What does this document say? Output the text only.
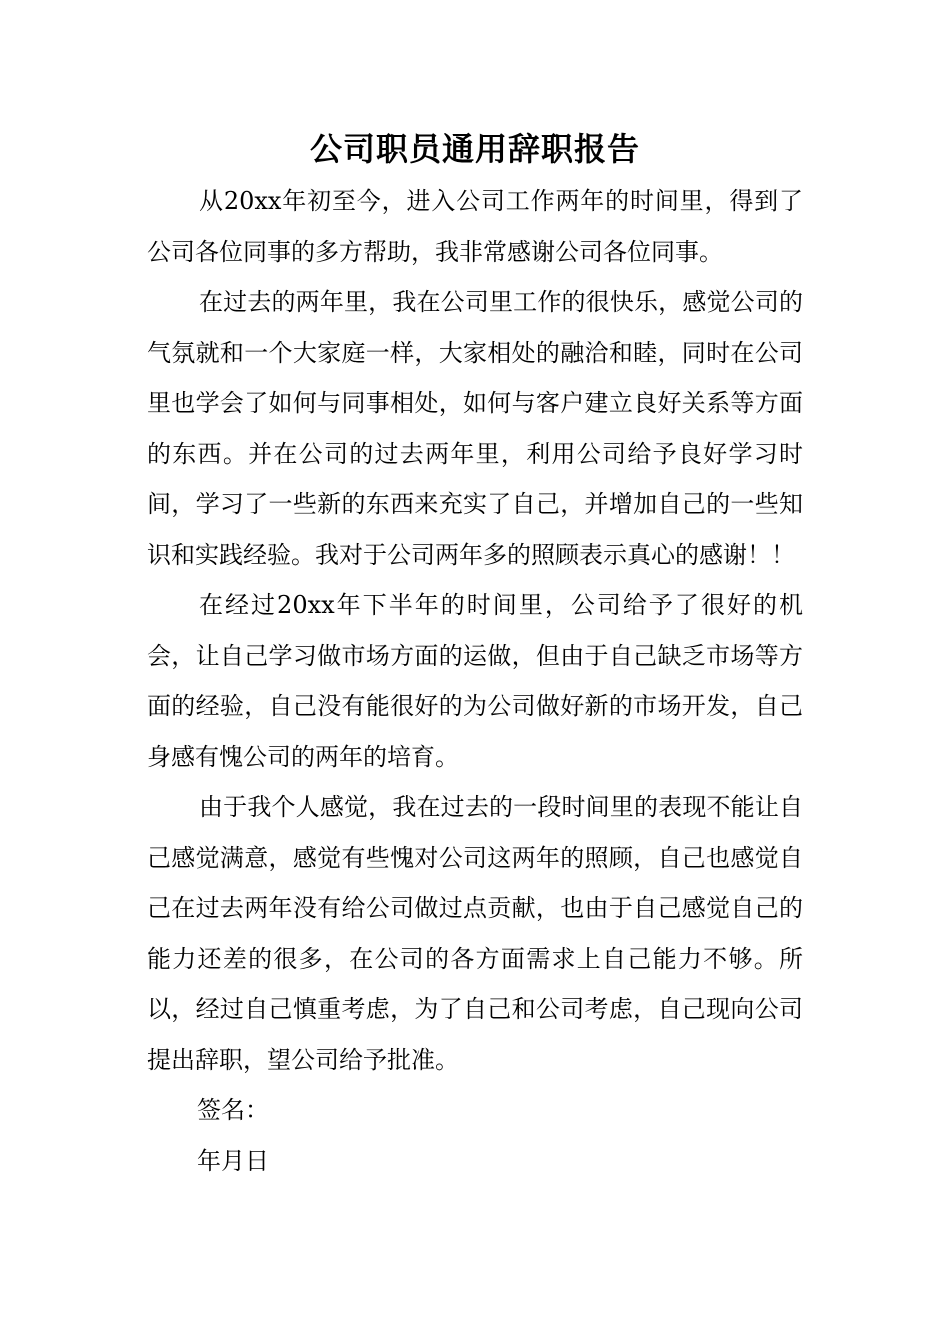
公司职员通用辞职报告

从20xx年初至今，进入公司工作两年的时间里，得到了公司各位同事的多方帮助，我非常感谢公司各位同事。

在过去的两年里，我在公司里工作的很快乐，感觉公司的气氛就和一个大家庭一样，大家相处的融洽和睦，同时在公司里也学会了如何与同事相处，如何与客户建立良好关系等方面的东西。并在公司的过去两年里，利用公司给予良好学习时间，学习了一些新的东西来充实了自己，并增加自己的一些知识和实践经验。我对于公司两年多的照顾表示真心的感谢！！

在经过20xx年下半年的时间里，公司给予了很好的机会，让自己学习做市场方面的运做，但由于自己缺乏市场等方面的经验，自己没有能很好的为公司做好新的市场开发，自己身感有愧公司的两年的培育。

由于我个人感觉，我在过去的一段时间里的表现不能让自己感觉满意，感觉有些愧对公司这两年的照顾，自己也感觉自己在过去两年没有给公司做过点贡献，也由于自己感觉自己的能力还差的很多，在公司的各方面需求上自己能力不够。所以，经过自己慎重考虑，为了自己和公司考虑，自己现向公司提出辞职，望公司给予批准。

签名：

年月日
